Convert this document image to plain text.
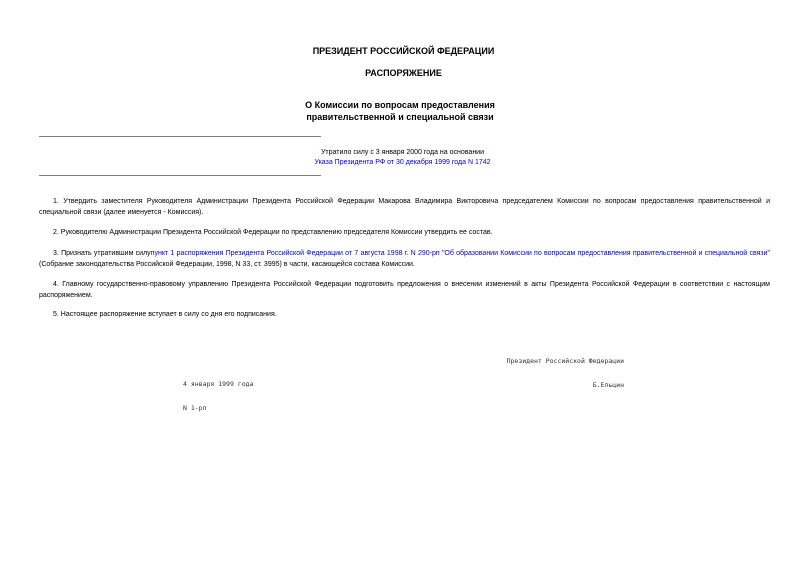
ПРЕЗИДЕНТ РОССИЙСКОЙ ФЕДЕРАЦИИ
РАСПОРЯЖЕНИЕ
О Комиссии по вопросам предоставления
правительственной и специальной связи
Утратило силу с 3 января 2000 года на основании
Указа Президента РФ от 30 декабря 1999 года N 1742
1. Утвердить заместителя Руководителя Администрации Президента Российской Федерации Макарова Владимира Викторовича председателем Комиссии по вопросам предоставления правительственной и специальной связи (далее именуется - Комиссия).
2. Руководителю Администрации Президента Российской Федерации по представлению председателя Комиссии утвердить ее состав.
3. Признать утратившим силупункт 1 распоряжения Президента Российской Федерации от 7 августа 1998 г. N 290-рп "Об образовании Комиссии по вопросам предоставления правительственной и специальной связи" (Собрание законодательства Российской Федерации, 1998, N 33, ст. 3995) в части, касающейся состава Комиссии.
4. Главному государственно-правовому управлению Президента Российской Федерации подготовить предложения о внесении изменений в акты Президента Российской Федерации в соответствии с настоящим распоряжением.
5. Настоящее распоряжение вступает в силу со дня его подписания.

Президент Российской Федерации

Б.Ельцин

4 января 1999 года

N 1-рп
